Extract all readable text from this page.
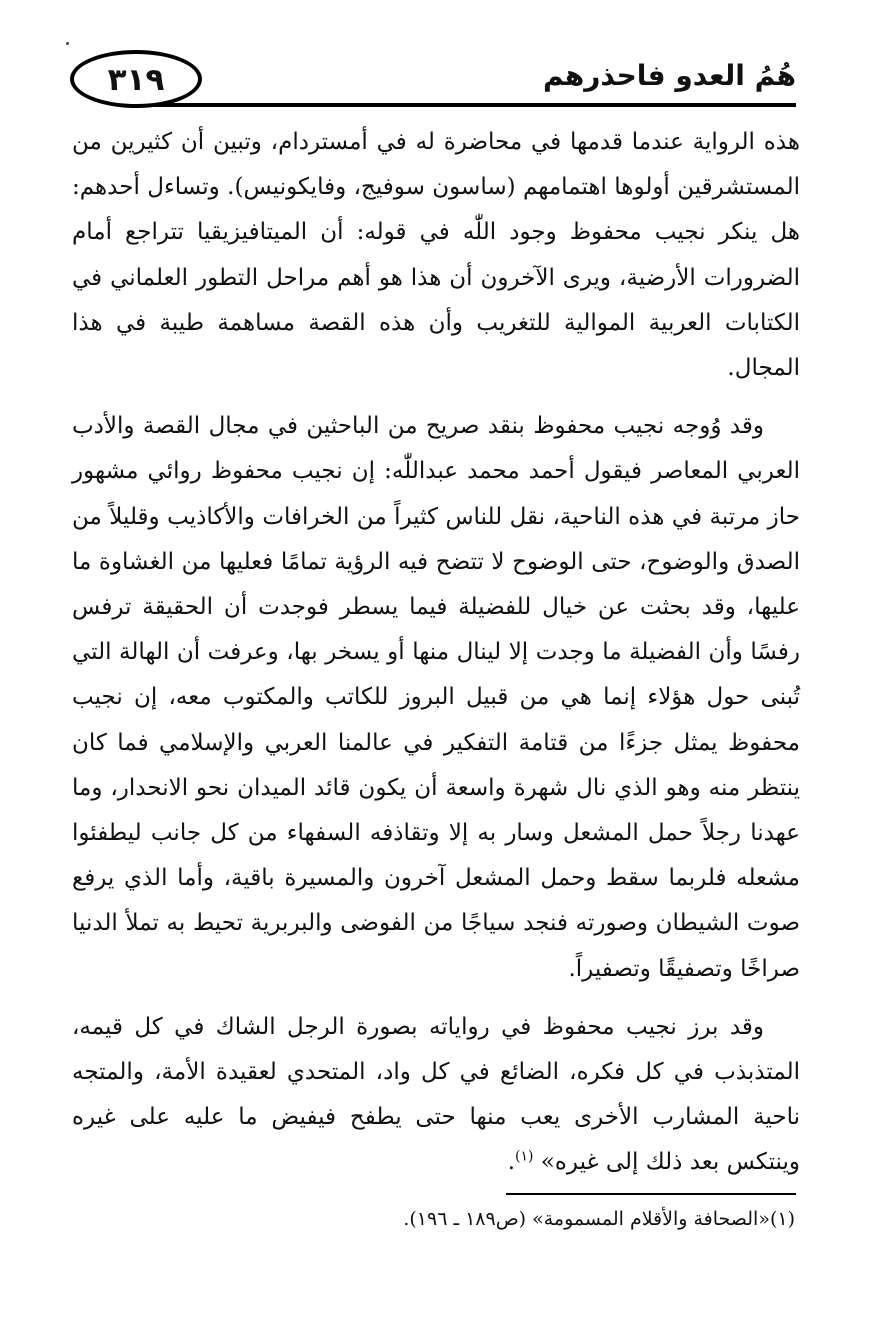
٣١٩	هُمُ العدو فاحذرهم

هذه الرواية عندما قدمها في محاضرة له في أمستردام، وتبين أن كثيرين من المستشرقين أولوها اهتمامهم (ساسون سوفيج، وفايكونيس). وتساءل أحدهم: هل ينكر نجيب محفوظ وجود اللّٰه في قوله: أن الميتافيزيقيا تتراجع أمام الضرورات الأرضية، ويرى الآخرون أن هذا هو أهم مراحل التطور العلماني في الكتابات العربية الموالية للتغريب وأن هذه القصة مساهمة طيبة في هذا المجال.

وقد وُوجه نجيب محفوظ بنقد صريح من الباحثين في مجال القصة والأدب العربي المعاصر فيقول أحمد محمد عبداللّٰه: إن نجيب محفوظ روائي مشهور حاز مرتبة في هذه الناحية، نقل للناس كثيراً من الخرافات والأكاذيب وقليلاً من الصدق والوضوح، حتى الوضوح لا تتضح فيه الرؤية تمامًا فعليها من الغشاوة ما عليها، وقد بحثت عن خيال للفضيلة فيما يسطر فوجدت أن الحقيقة ترفس رفسًا وأن الفضيلة ما وجدت إلا لينال منها أو يسخر بها، وعرفت أن الهالة التي تُبنى حول هؤلاء إنما هي من قبيل البروز للكاتب والمكتوب معه، إن نجيب محفوظ يمثل جزءًا من قتامة التفكير في عالمنا العربي والإسلامي فما كان ينتظر منه وهو الذي نال شهرة واسعة أن يكون قائد الميدان نحو الانحدار، وما عهدنا رجلاً حمل المشعل وسار به إلا وتقاذفه السفهاء من كل جانب ليطفئوا مشعله فلربما سقط وحمل المشعل آخرون والمسيرة باقية، وأما الذي يرفع صوت الشيطان وصورته فنجد سياجًا من الفوضى والبربرية تحيط به تملأ الدنيا صراخًا وتصفيقًا وتصفيراً.

وقد برز نجيب محفوظ في رواياته بصورة الرجل الشاك في كل قيمه، المتذبذب في كل فكره، الضائع في كل واد، المتحدي لعقيدة الأمة، والمتجه ناحية المشارب الأخرى يعب منها حتى يطفح فيفيض ما عليه على غيره وينتكس بعد ذلك إلى غيره» $^{(١)}$.

(١)«الصحافة والأقلام المسمومة» (ص١٨٩ ـ ١٩٦).
